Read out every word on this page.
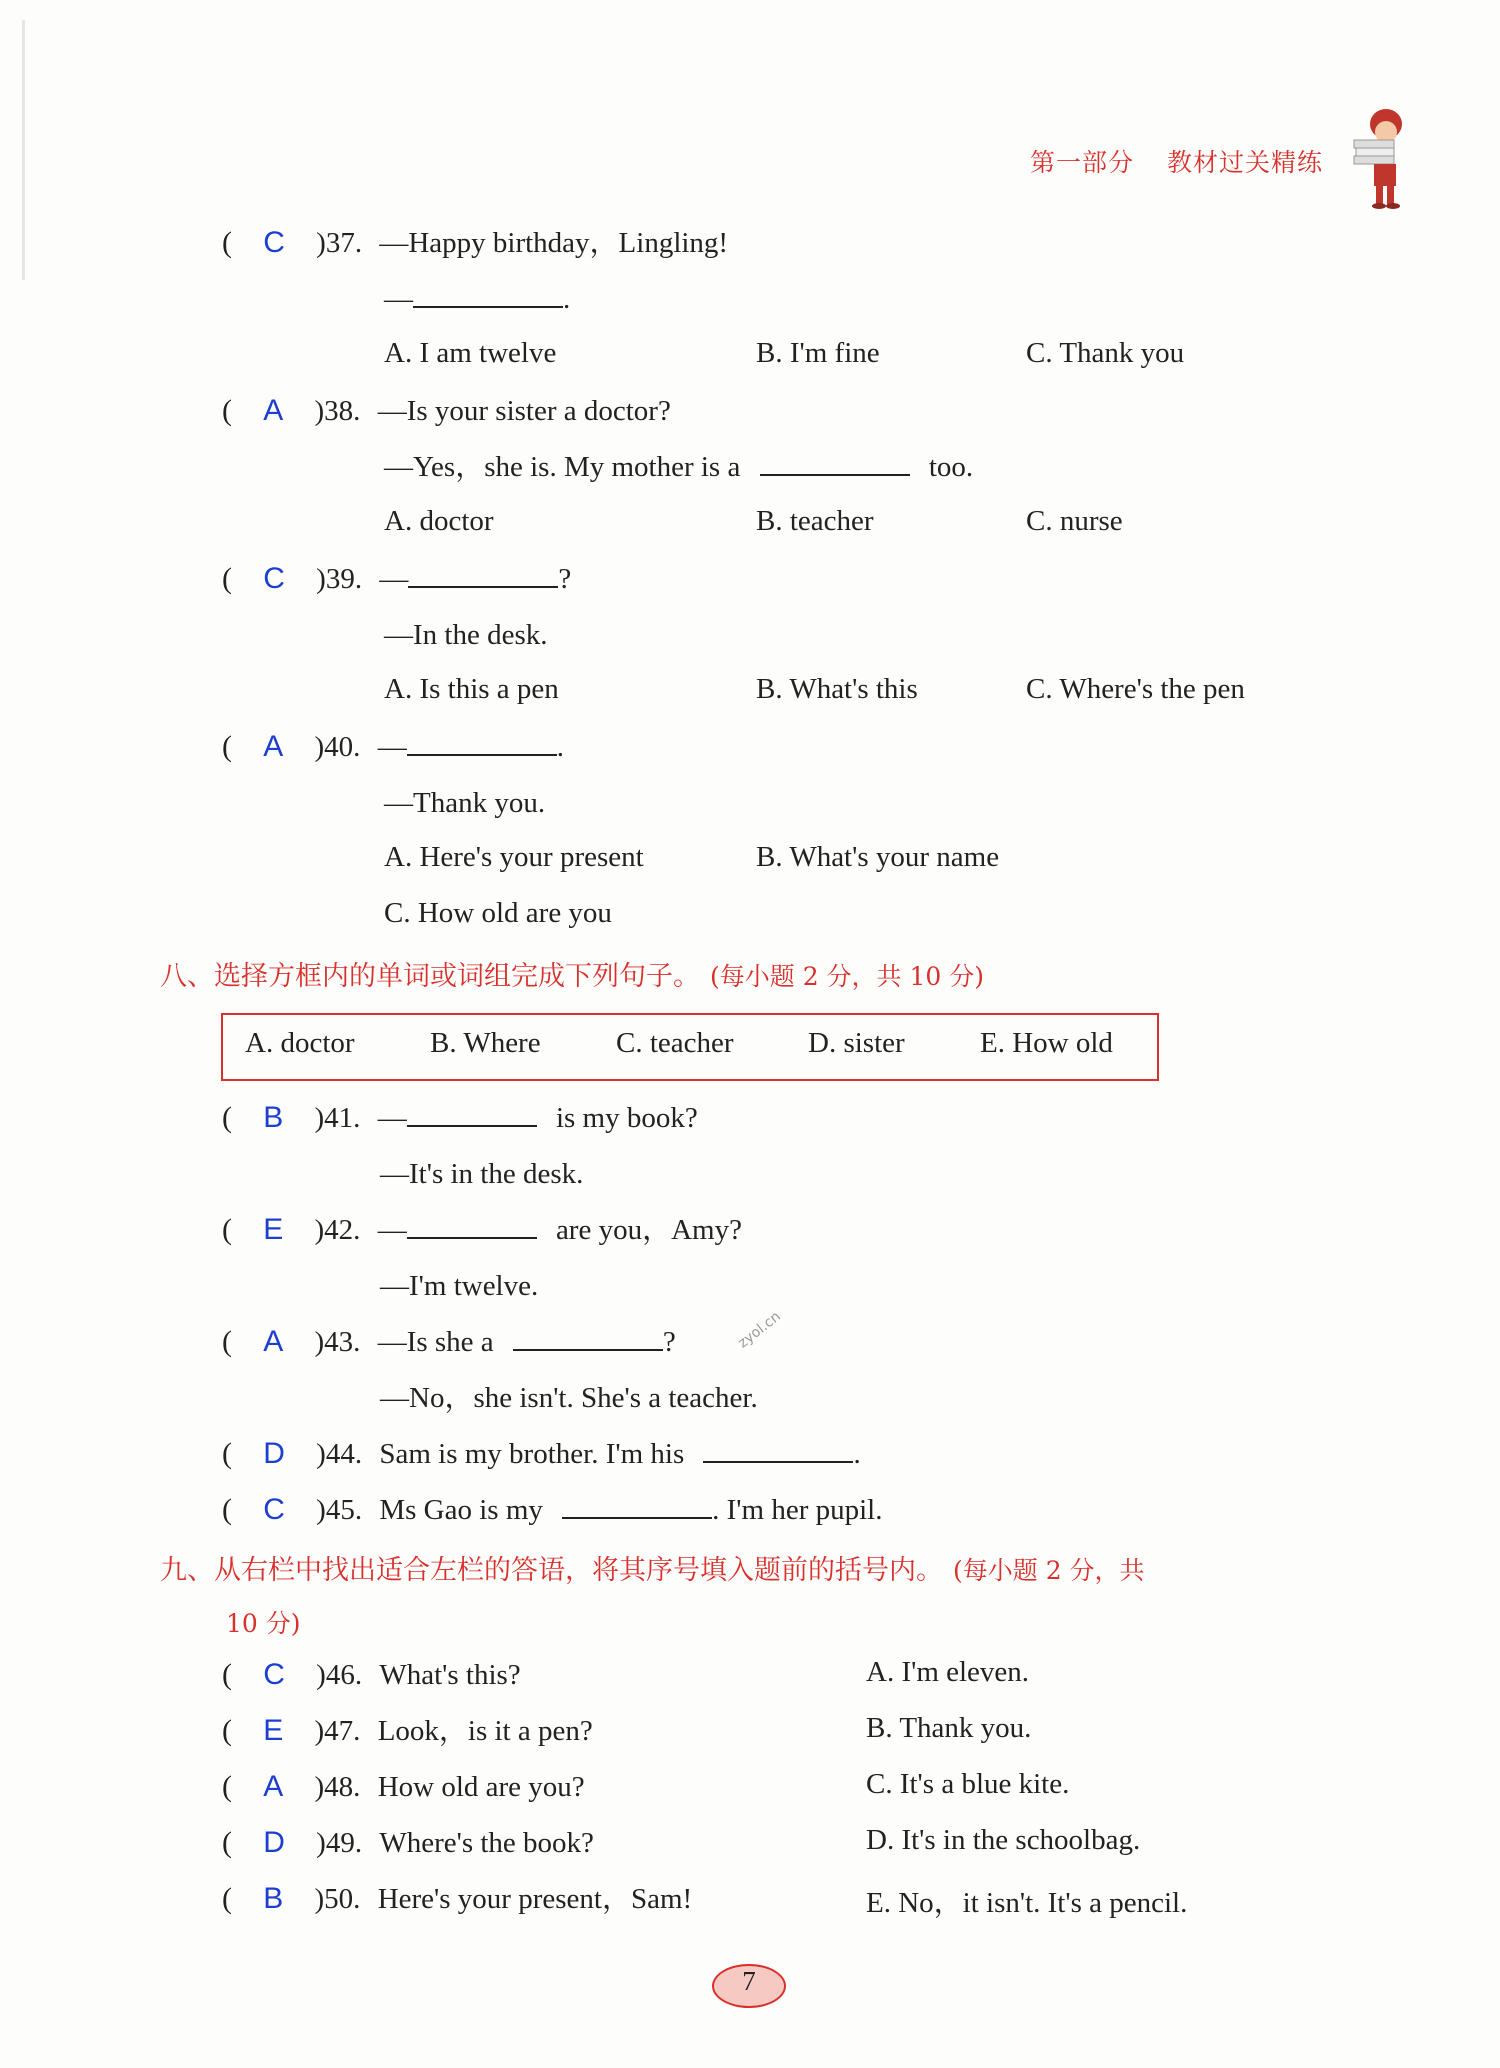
第一部分 教材过关精练
( C )37. —Happy birthday，Lingling!
—	.
A. I am twelve	B. I'm fine	C. Thank you
( A )38. —Is your sister a doctor?
—Yes，she is. My mother is a	too.
A. doctor	B. teacher	C. nurse
( C )39. —	?
—In the desk.
A. Is this a pen	B. What's this	C. Where's the pen
( A )40. —	.
—Thank you.
A. Here's your present	B. What's your name
C. How old are you
八、选择方框内的单词或词组完成下列句子。 (每小题 2 分，共 10 分)
A. doctor	B. Where	C. teacher	D. sister	E. How old
( B )41. —	is my book?
—It's in the desk.
( E )42. —	are you，Amy?
—I'm twelve.
( A )43. —Is she a	?	zyol.cn
—No，she isn't. She's a teacher.
( D )44. Sam is my brother. I'm his	.
( C )45. Ms Gao is my	. I'm her pupil.
九、从右栏中找出适合左栏的答语，将其序号填入题前的括号内。 (每小题 2 分，共
10 分)
( C )46. What's this?	A. I'm eleven.
( E )47. Look，is it a pen?	B. Thank you.
( A )48. How old are you?	C. It's a blue kite.
( D )49. Where's the book?	D. It's in the schoolbag.
( B )50. Here's your present，Sam!	E. No，it isn't. It's a pencil.
7
